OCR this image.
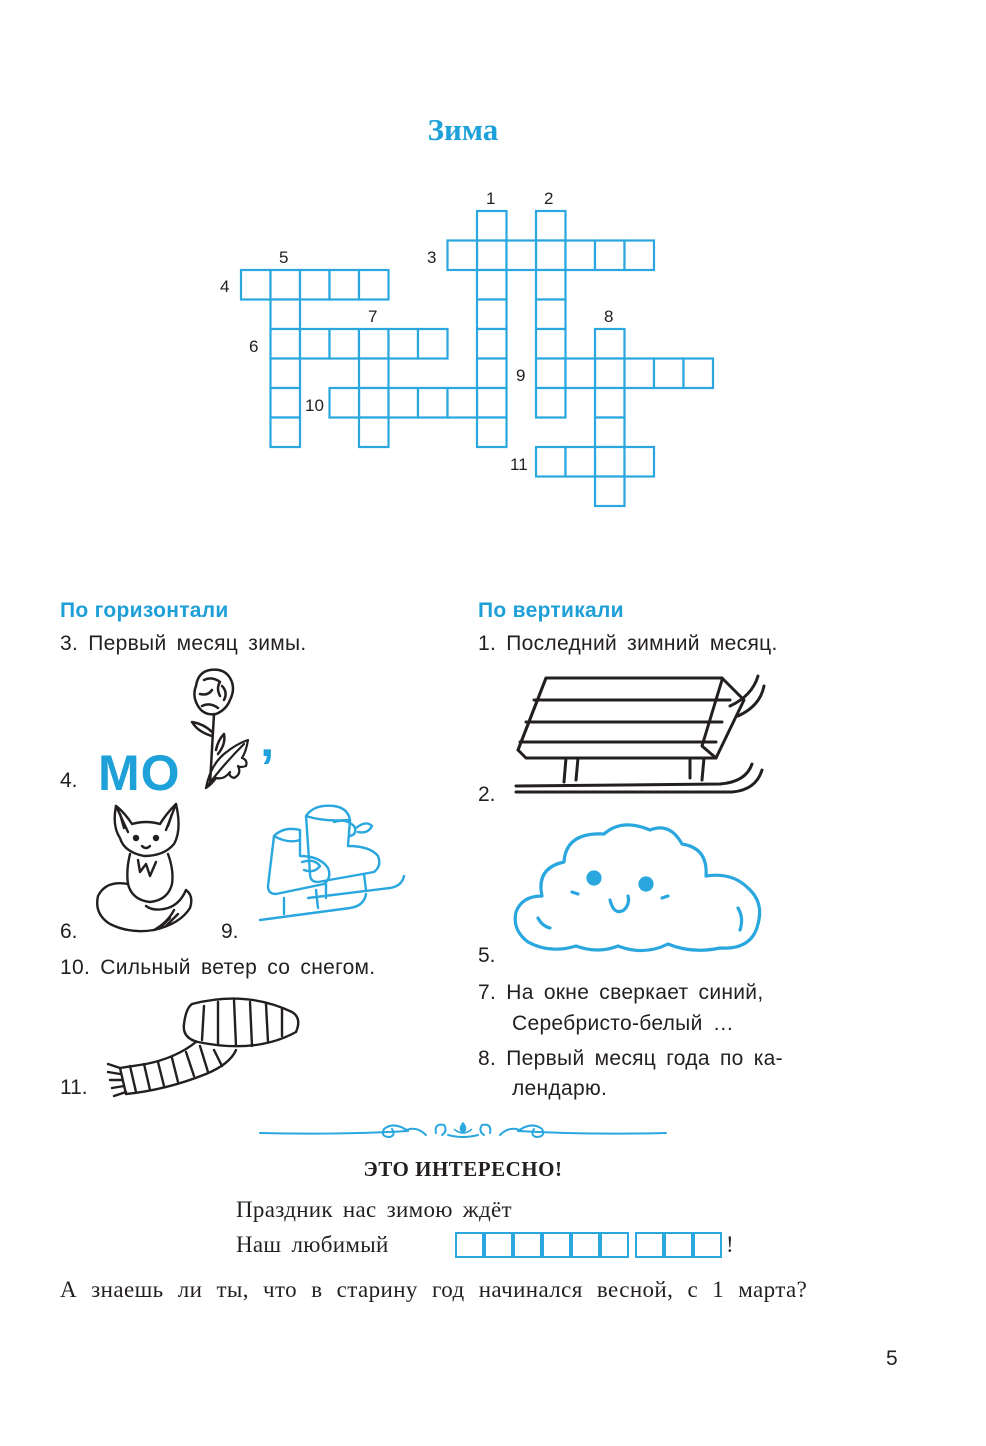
Зима
1	2
3
4
5
6
7	8
9
10
11
По горизонтали
3. Первый месяц зимы.
4. МО ’
6.	9.
10. Сильный ветер со снегом.
11.
По вертикали
1. Последний зимний месяц.
2.
5.
7. На окне сверкает синий,
Серебристо-белый …
8. Первый месяц года по ка-
лендарю.
ЭТО ИНТЕРЕСНО!
Праздник нас зимою ждёт
Наш любимый	!
А знаешь ли ты, что в старину год начинался весной, с 1 марта?
5
